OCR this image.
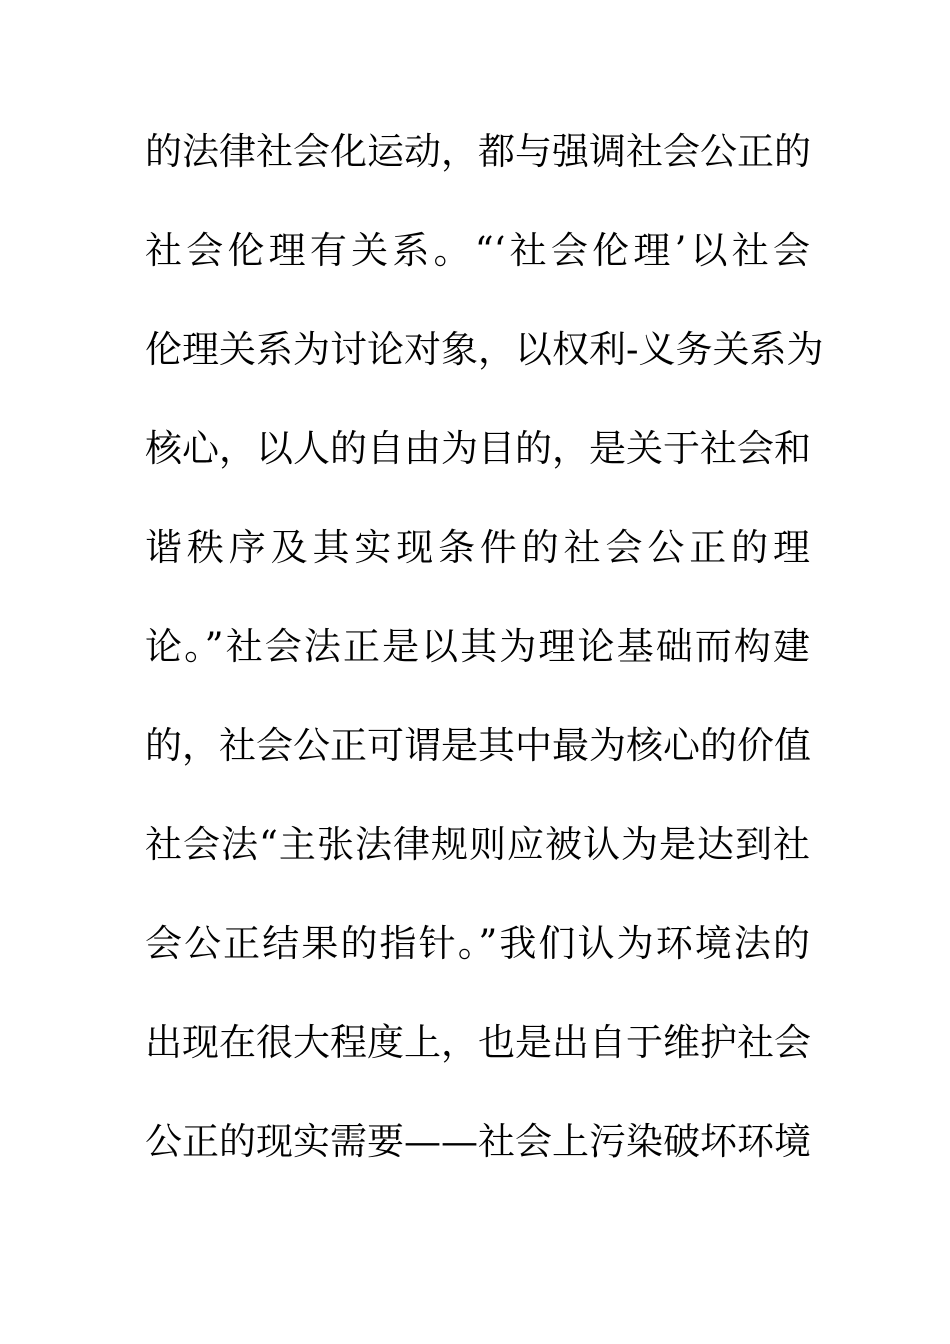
的法律社会化运动，都与强调社会公正的
社会伦理有关系。“‘社会伦理’以社会
伦理关系为讨论对象，以权利-义务关系为
核心，以人的自由为目的，是关于社会和
谐秩序及其实现条件的社会公正的理
论。”社会法正是以其为理论基础而构建
的，社会公正可谓是其中最为核心的价值
社会法“主张法律规则应被认为是达到社
会公正结果的指针。”我们认为环境法的
出现在很大程度上，也是出自于维护社会
公正的现实需要——社会上污染破坏环境
